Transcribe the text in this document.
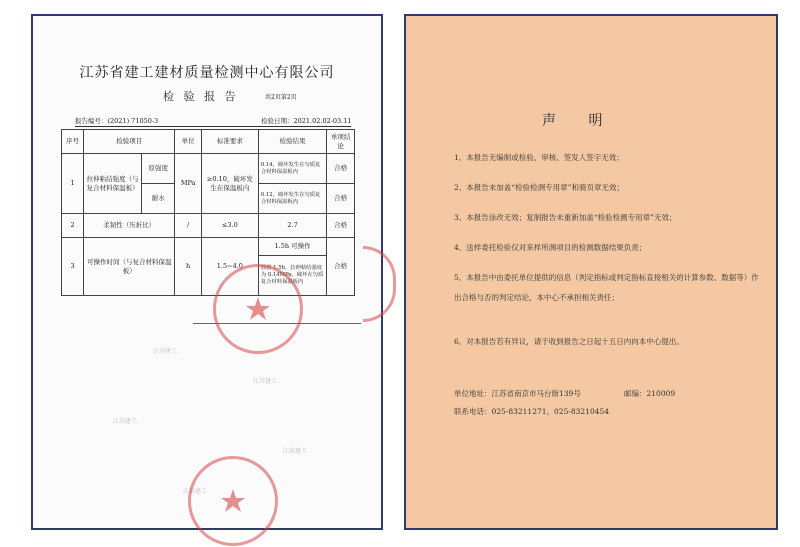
江苏建工
江苏建工
江苏建工
江苏建工
江苏建工
江苏省建工建材质量检测中心有限公司
检 验 报 告	共2页第2页
报告编号：(2021) 71050-3	检验日期：2021.02.02-03.11
序号	检验项目		单位	标准要求	检验结果	单项结论
1	拉伸粘结强度（与复合材料保温板）	原强度	MPa	≥0.10，破坏发生在保温板内	0.14，破坏发生在匀质复合材料保温板内	合格
		耐水			0.12，破坏发生在匀质复合材料保温板内	合格
2	柔韧性（压折比）		/	≤3.0	2.7	合格
3	可操作时间（与复合材料保温板）		h	1.5~4.0	1.5h 可操作	合格
					放置 1.5h，拉伸粘结强度为 0.14MPa，破坏在匀质复合材料保温板内	
声 明
1、本报告无编制或检验、审核、签发人签字无效；
2、本报告未加盖“检验检测专用章”和骑页章无效；
3、本报告涂改无效；复制报告未重新加盖“检验检测专用章”无效；
4、送样委托检验仅对来样所测项目的检测数据结果负责；
5、本报告中由委托单位提供的信息（判定指标或判定指标直接相关的计算参数、数据等）作出合格与否的判定结论，本中心不承担相关责任；
6、对本报告若有异议，请于收到报告之日起十五日内向本中心提出。
单位地址：江苏省南京市马台街139号	邮编：210009
联系电话：025-83211271、025-83210454
